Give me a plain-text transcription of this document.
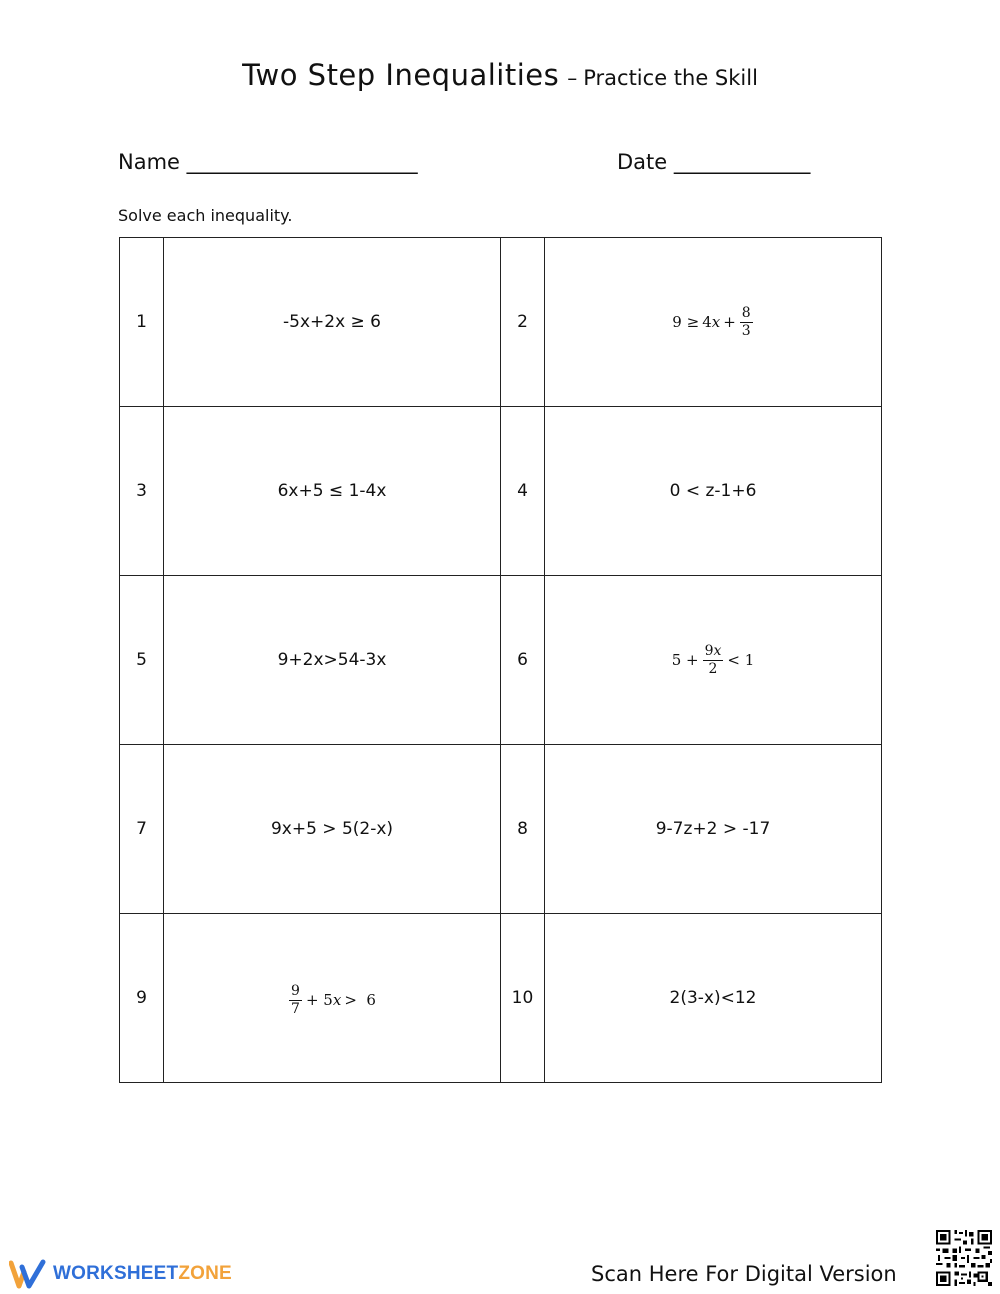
Two Step Inequalities – Practice the Skill
Name ______________________	Date _____________
Solve each inequality.
1	-5x+2x ≥ 6	2	$9 \ge 4x + \frac{8}{3}$

3	6x+5 ≤ 1-4x	4	0 < z-1+6
5	9+2x>54-3x	6	$5 + \frac{9x}{2} < 1$

7	9x+5 > 5(2-x)	8	9-7z+2 > -17
9	$\frac{9}{7} + 5x > 6$	10	2(3-x)<12
WORKSHEETZONE	Scan Here For Digital Version
